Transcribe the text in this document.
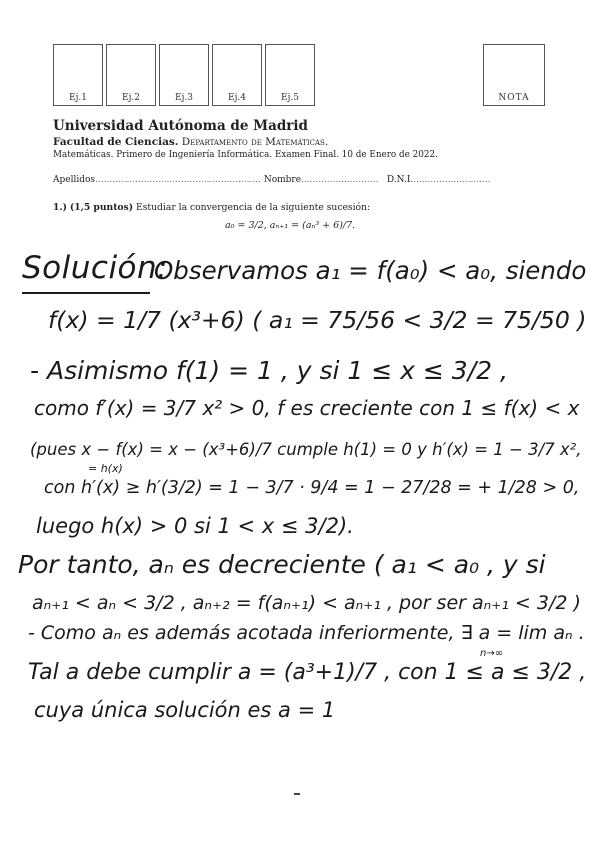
Ej.1	Ej.2	Ej.3	Ej.4	Ej.5	NOTA
Universidad Autónoma de Madrid
Facultad de Ciencias. Departamento de Matemáticas.
Matemáticas. Primero de Ingeniería Informática. Examen Final. 10 de Enero de 2022.
Apellidos.......................................................... Nombre........................... D.N.I............................
1.) (1,5 puntos) Estudiar la convergencia de la siguiente sucesión:
a₀ = 3/2, aₙ₊₁ = (aₙ³ + 6)/7.
Solución:
Observamos a₁ = f(a₀) < a₀, siendo
f(x) = 1/7 (x³+6) ( a₁ = 75/56 < 3/2 = 75/50 )
- Asimismo f(1) = 1 , y si 1 ≤ x ≤ 3/2 ,
como f′(x) = 3/7 x² > 0, f es creciente con 1 ≤ f(x) < x
(pues x − f(x) = x − (x³+6)/7 cumple h(1) = 0 y h′(x) = 1 − 3/7 x²,
= h(x)
con h′(x) ≥ h′(3/2) = 1 − 3/7 · 9/4 = 1 − 27/28 = + 1/28 > 0,
luego h(x) > 0 si 1 < x ≤ 3/2).
Por tanto, aₙ es decreciente ( a₁ < a₀ , y si
aₙ₊₁ < aₙ < 3/2 , aₙ₊₂ = f(aₙ₊₁) < aₙ₊₁ , por ser aₙ₊₁ < 3/2 )
- Como aₙ es además acotada inferiormente, ∃ a = lim aₙ .
n→∞
Tal a debe cumplir a = (a³+1)/7 , con 1 ≤ a ≤ 3/2 ,
cuya única solución es a = 1
